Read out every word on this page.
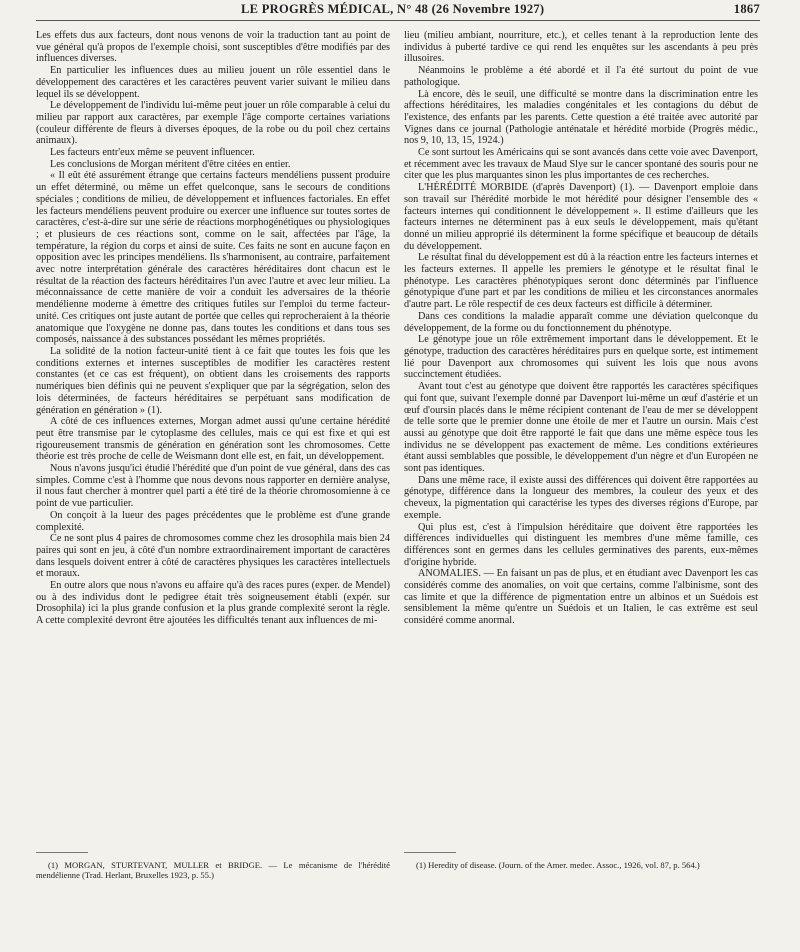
LE PROGRÈS MÉDICAL, N° 48 (26 Novembre 1927)	1867

Les effets dus aux facteurs, dont nous venons de voir la traduction tant au point de vue général qu'à propos de l'exemple choisi, sont susceptibles d'être modifiés par des influences diverses.

En particulier les influences dues au milieu jouent un rôle essentiel dans le développement des caractères et les caractères peuvent varier suivant le milieu dans lequel ils se développent.

Le développement de l'individu lui-même peut jouer un rôle comparable à celui du milieu par rapport aux caractères, par exemple l'âge comporte certaines variations (couleur différente de fleurs à diverses époques, de la robe ou du poil chez certains animaux).

Les facteurs entr'eux même se peuvent influencer.

Les conclusions de Morgan méritent d'être citées en entier.

« Il eût été assurément étrange que certains facteurs mendéliens pussent produire un effet déterminé, ou même un effet quelconque, sans le secours de conditions spéciales ; conditions de milieu, de développement et influences factoriales. En effet les facteurs mendéliens peuvent produire ou exercer une influence sur toutes sortes de caractères, c'est-à-dire sur une série de réactions morphogénétiques ou physiologiques ; et plusieurs de ces réactions sont, comme on le sait, affectées par l'âge, la température, la région du corps et ainsi de suite. Ces faits ne sont en aucune façon en opposition avec les principes mendéliens. Ils s'harmonisent, au contraire, parfaitement avec notre interprétation générale des caractères héréditaires dont chacun est le résultat de la réaction des facteurs héréditaires l'un avec l'autre et avec leur milieu. La méconnaissance de cette manière de voir a conduit les adversaires de la théorie mendélienne moderne à émettre des critiques futiles sur l'emploi du terme facteur-unité. Ces critiques ont juste autant de portée que celles qui reprocheraient à la théorie anatomique que l'oxygène ne donne pas, dans toutes les conditions et dans tous ses composés, naissance à des substances possédant les mêmes propriétés.

La solidité de la notion facteur-unité tient à ce fait que toutes les fois que les conditions externes et internes susceptibles de modifier les caractères restent constantes (et ce cas est fréquent), on obtient dans les croisements des rapports numériques bien définis qui ne peuvent s'expliquer que par la ségrégation, selon des lois déterminées, de facteurs héréditaires se perpétuant sans modification de génération en génération » (1).

A côté de ces influences externes, Morgan admet aussi qu'une certaine hérédité peut être transmise par le cytoplasme des cellules, mais ce qui est fixe et qui est rigoureusement transmis de génération en génération sont les chromosomes. Cette théorie est très proche de celle de Weismann dont elle est, en fait, un développement.

Nous n'avons jusqu'ici étudié l'hérédité que d'un point de vue général, dans des cas simples. Comme c'est à l'homme que nous devons nous rapporter en dernière analyse, il nous faut chercher à montrer quel parti a été tiré de la théorie chromosomienne à ce point de vue particulier.

On conçoit à la lueur des pages précédentes que le problème est d'une grande complexité.

Ce ne sont plus 4 paires de chromosomes comme chez les drosophila mais bien 24 paires qui sont en jeu, à côté d'un nombre extraordinairement important de caractères dans lesquels doivent entrer à côté de caractères physiques les caractères intellectuels et moraux.

En outre alors que nous n'avons eu affaire qu'à des races pures (exper. de Mendel) ou à des individus dont le pedigree était très soigneusement établi (expér. sur Drosophila) ici la plus grande confusion et la plus grande complexité seront la règle. A cette complexité devront être ajoutées les difficultés tenant aux influences de mi-

lieu (milieu ambiant, nourriture, etc.), et celles tenant à la reproduction lente des individus à puberté tardive ce qui rend les enquêtes sur les ascendants à peu près illusoires.

Néanmoins le problème a été abordé et il l'a été surtout du point de vue pathologique.

Là encore, dès le seuil, une difficulté se montre dans la discrimination entre les affections héréditaires, les maladies congénitales et les contagions du début de l'existence, des enfants par les parents. Cette question a été traitée avec autorité par Vignes dans ce journal (Pathologie anténatale et hérédité morbide (Progrès médic., nos 9, 10, 13, 15, 1924.)

Ce sont surtout les Américains qui se sont avancés dans cette voie avec Davenport, et récemment avec les travaux de Maud Slye sur le cancer spontané des souris pour ne citer que les plus marquantes sinon les plus importantes de ces recherches.

L'HÉRÉDITÉ MORBIDE (d'après Davenport) (1). — Davenport emploie dans son travail sur l'hérédité morbide le mot hérédité pour désigner l'ensemble des « facteurs internes qui conditionnent le développement ». Il estime d'ailleurs que les facteurs internes ne déterminent pas à eux seuls le développement, mais qu'étant donné un milieu approprié ils déterminent la forme spécifique et beaucoup de détails du développement.

Le résultat final du développement est dû à la réaction entre les facteurs internes et les facteurs externes. Il appelle les premiers le génotype et le résultat final le phénotype. Les caractères phénotypiques seront donc déterminés par l'influence génotypique d'une part et par les conditions de milieu et les circonstances anormales d'autre part. Le rôle respectif de ces deux facteurs est difficile à déterminer.

Dans ces conditions la maladie apparaît comme une déviation quelconque du développement, de la forme ou du fonctionnement du phénotype.

Le génotype joue un rôle extrêmement important dans le développement. Et le génotype, traduction des caractères héréditaires purs en quelque sorte, est intimement lié pour Davenport aux chromosomes qui suivent les lois que nous avons succinctement étudiées.

Avant tout c'est au génotype que doivent être rapportés les caractères spécifiques qui font que, suivant l'exemple donné par Davenport lui-même un œuf d'astérie et un œuf d'oursin placés dans le même récipient contenant de l'eau de mer se développent de telle sorte que le premier donne une étoile de mer et l'autre un oursin. Mais c'est aussi au génotype que doit être rapporté le fait que dans une même espèce tous les individus ne se développent pas exactement de même. Les conditions extérieures étant aussi semblables que possible, le développement d'un nègre et d'un Européen ne sont pas identiques.

Dans une même race, il existe aussi des différences qui doivent être rapportées au génotype, différence dans la longueur des membres, la couleur des yeux et des cheveux, la pigmentation qui caractérise les types des diverses régions d'Europe, par exemple.

Qui plus est, c'est à l'impulsion héréditaire que doivent être rapportées les différences individuelles qui distinguent les membres d'une même famille, ces différences sont en germes dans les cellules germinatives des parents, eux-mêmes d'origine hybride.

ANOMALIES. — En faisant un pas de plus, et en étudiant avec Davenport les cas considérés comme des anomalies, on voit que certains, comme l'albinisme, sont des cas limite et que la différence de pigmentation entre un albinos et un Suédois est sensiblement la même qu'entre un Suédois et un Italien, le cas extrême est seul considéré comme anormal.

(1) MORGAN, STURTEVANT, MULLER et BRIDGE. — Le mécanisme de l'hérédité mendélienne (Trad. Herlant, Bruxelles 1923, p. 55.)

(1) Heredity of disease. (Journ. of the Amer. medec. Assoc., 1926, vol. 87, p. 564.)
